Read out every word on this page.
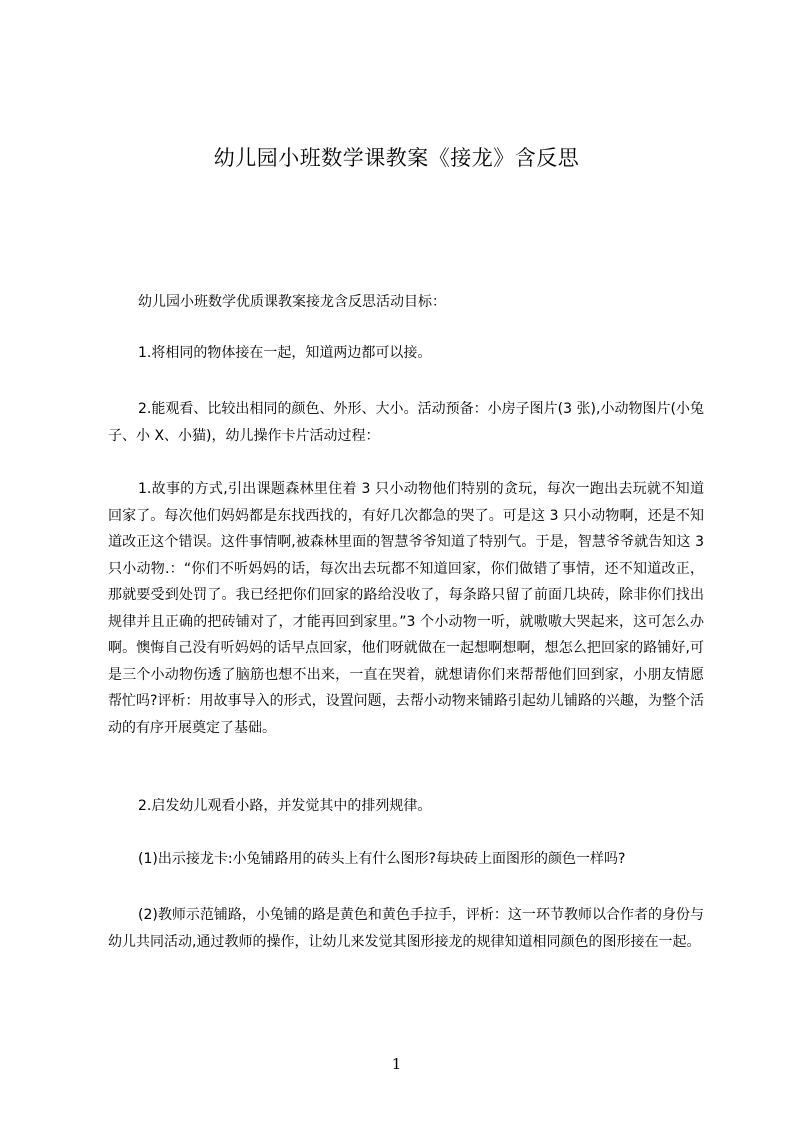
幼儿园小班数学课教案《接龙》含反思
幼儿园小班数学优质课教案接龙含反思活动目标：
1.将相同的物体接在一起，知道两边都可以接。
2.能观看、比较出相同的颜色、外形、大小。活动预备：小房子图片(3 张),小动物图片(小兔子、小 X、小猫)，幼儿操作卡片活动过程：
1.故事的方式,引出课题森林里住着 3 只小动物他们特别的贪玩，每次一跑出去玩就不知道回家了。每次他们妈妈都是东找西找的，有好几次都急的哭了。可是这 3 只小动物啊，还是不知道改正这个错误。这件事情啊,被森林里面的智慧爷爷知道了特别气。于是，智慧爷爷就告知这 3 只小动物.：“你们不听妈妈的话，每次出去玩都不知道回家，你们做错了事情，还不知道改正，那就要受到处罚了。我已经把你们回家的路给没收了，每条路只留了前面几块砖，除非你们找出规律并且正确的把砖铺对了，才能再回到家里。”3 个小动物一听，就嗷嗷大哭起来，这可怎么办啊。懊悔自己没有听妈妈的话早点回家，他们呀就做在一起想啊想啊，想怎么把回家的路铺好,可是三个小动物伤透了脑筋也想不出来，一直在哭着，就想请你们来帮帮他们回到家，小朋友情愿帮忙吗?评析：用故事导入的形式，设置问题，去帮小动物来铺路引起幼儿铺路的兴趣，为整个活动的有序开展奠定了基础。
2.启发幼儿观看小路，并发觉其中的排列规律。
(1)出示接龙卡:小兔铺路用的砖头上有什么图形?每块砖上面图形的颜色一样吗?
(2)教师示范铺路，小兔铺的路是黄色和黄色手拉手，评析：这一环节教师以合作者的身份与幼儿共同活动,通过教师的操作，让幼儿来发觉其图形接龙的规律知道相同颜色的图形接在一起。
1
